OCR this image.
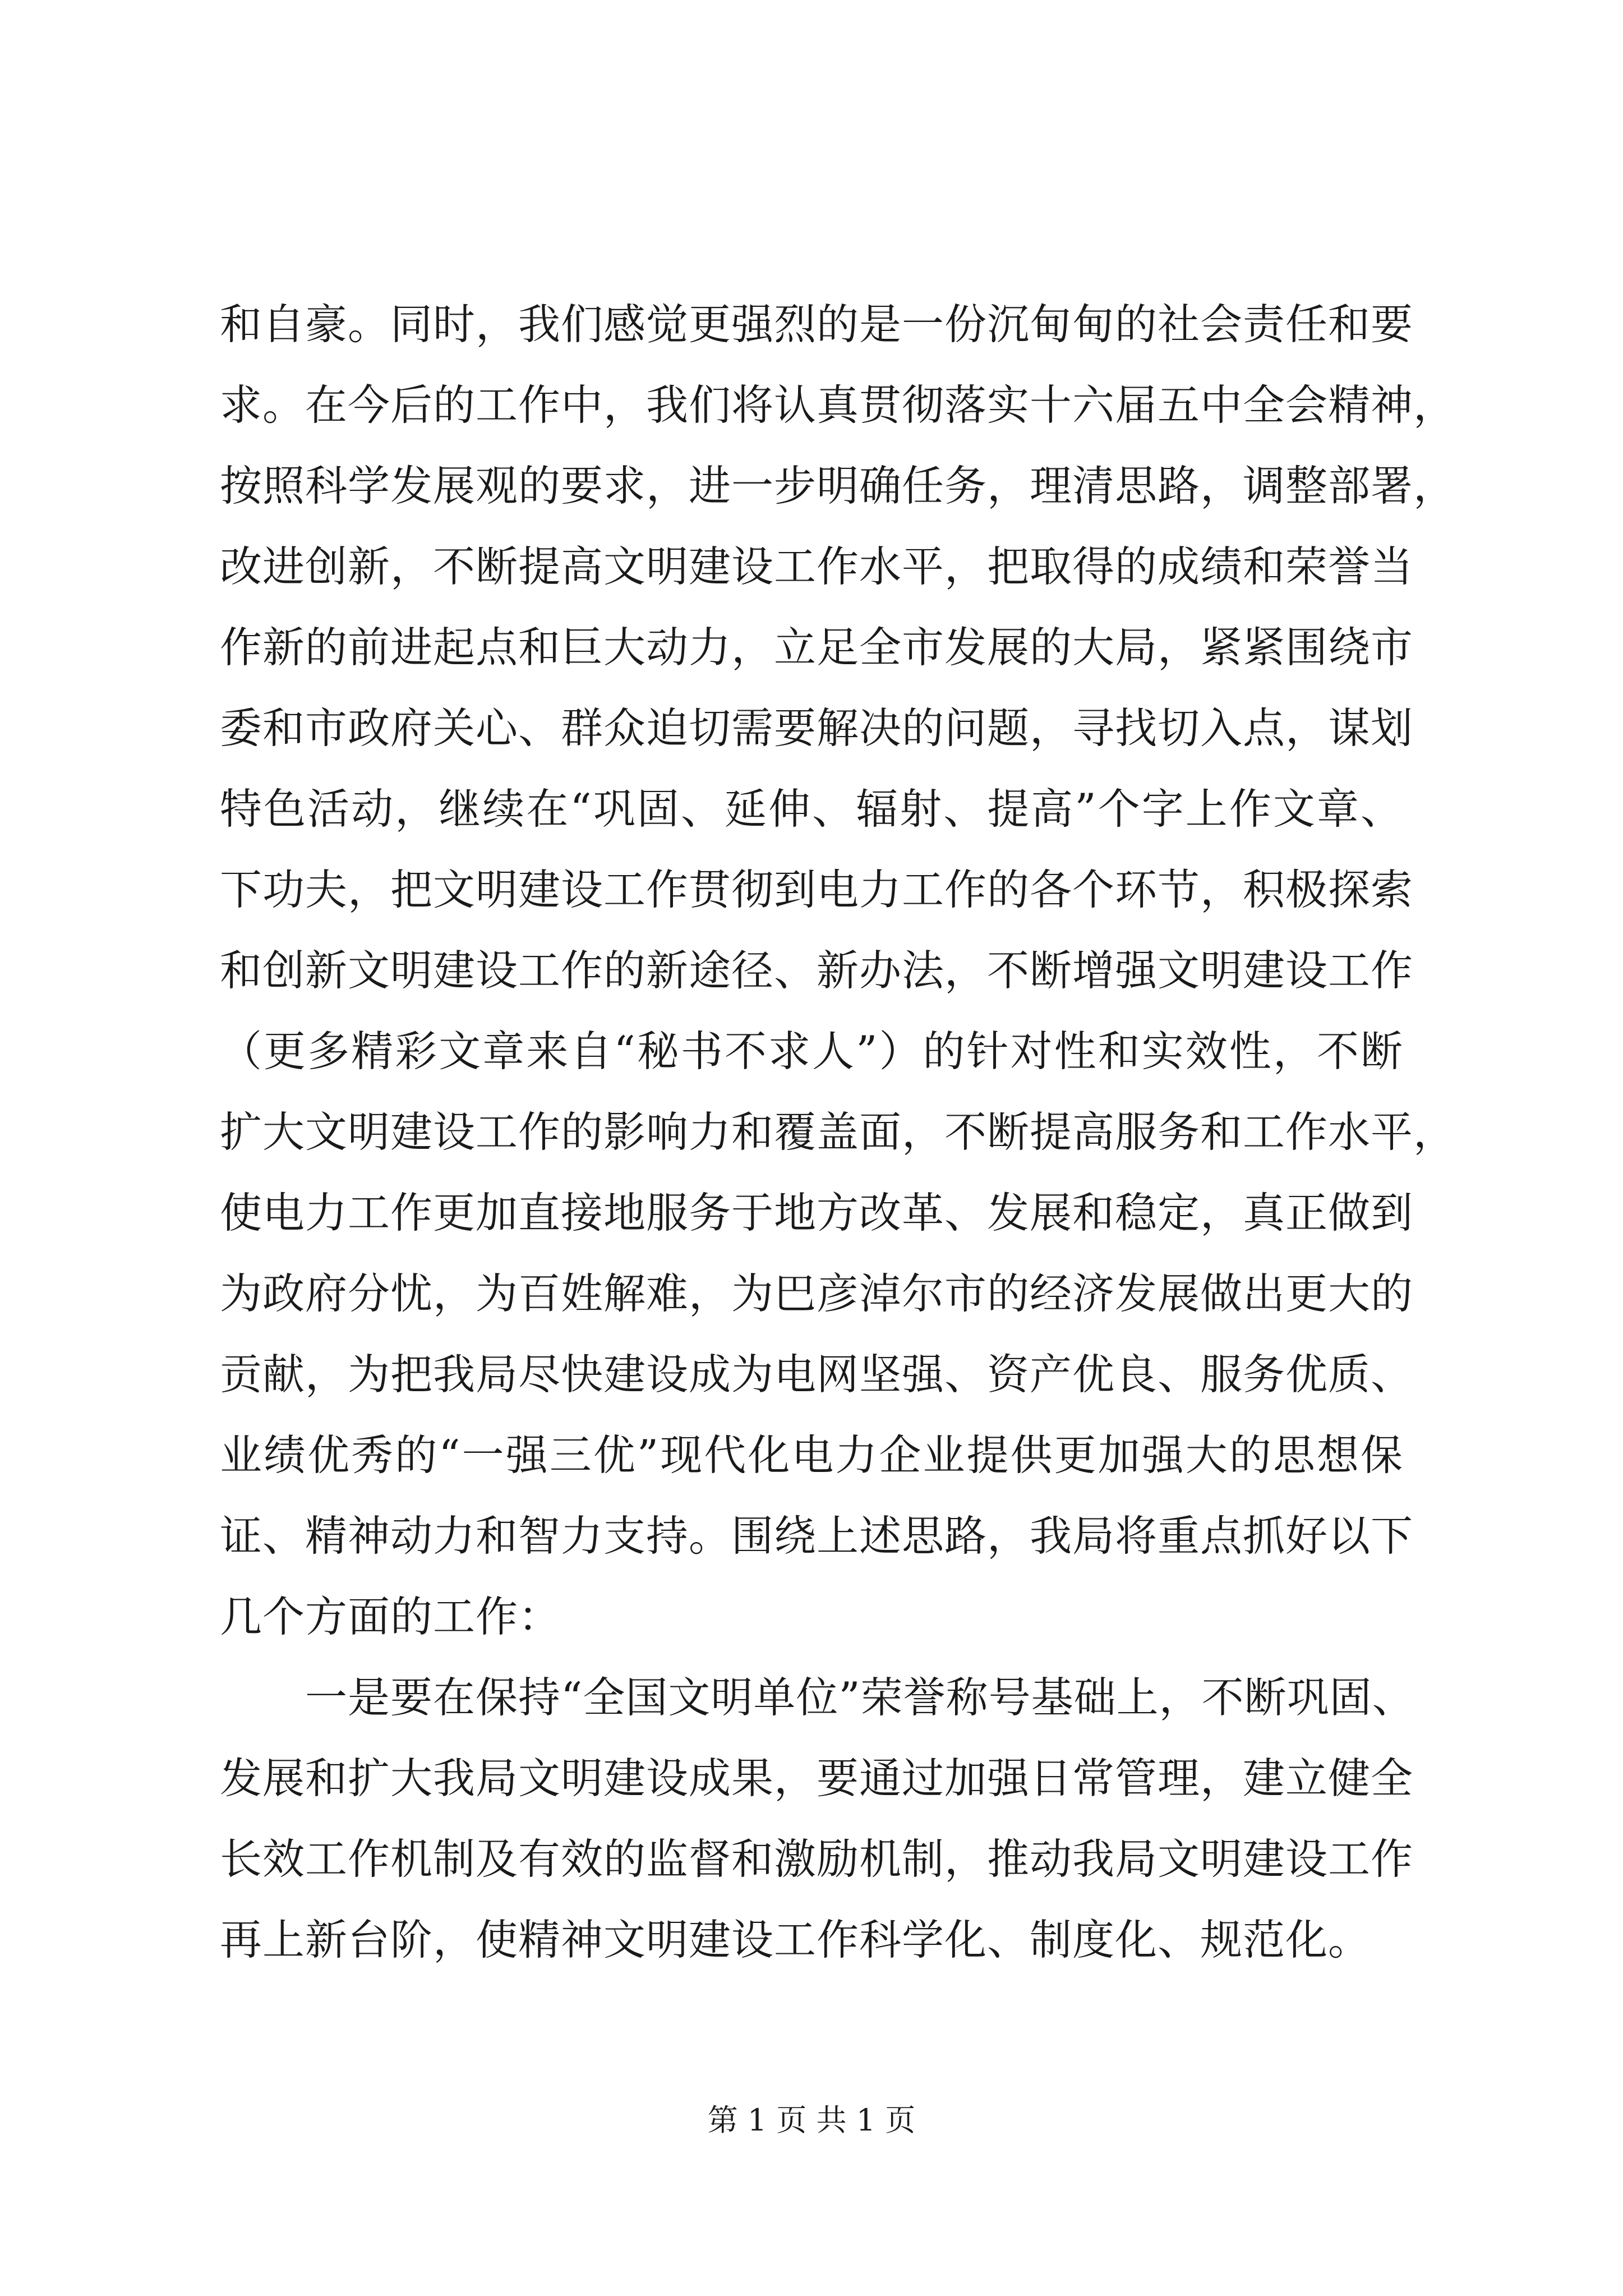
和自豪。同时，我们感觉更强烈的是一份沉甸甸的社会责任和要
求。在今后的工作中，我们将认真贯彻落实十六届五中全会精神，
按照科学发展观的要求，进一步明确任务，理清思路，调整部署，
改进创新，不断提高文明建设工作水平，把取得的成绩和荣誉当
作新的前进起点和巨大动力，立足全市发展的大局，紧紧围绕市
委和市政府关心、群众迫切需要解决的问题，寻找切入点，谋划
特色活动，继续在“巩固、延伸、辐射、提高”个字上作文章、
下功夫，把文明建设工作贯彻到电力工作的各个环节，积极探索
和创新文明建设工作的新途径、新办法，不断增强文明建设工作
（更多精彩文章来自“秘书不求人”）的针对性和实效性，不断
扩大文明建设工作的影响力和覆盖面，不断提高服务和工作水平，
使电力工作更加直接地服务于地方改革、发展和稳定，真正做到
为政府分忧，为百姓解难，为巴彦淖尔市的经济发展做出更大的
贡献，为把我局尽快建设成为电网坚强、资产优良、服务优质、
业绩优秀的“一强三优”现代化电力企业提供更加强大的思想保
证、精神动力和智力支持。围绕上述思路，我局将重点抓好以下
几个方面的工作：
一是要在保持“全国文明单位”荣誉称号基础上，不断巩固、
发展和扩大我局文明建设成果，要通过加强日常管理，建立健全
长效工作机制及有效的监督和激励机制，推动我局文明建设工作
再上新台阶，使精神文明建设工作科学化、制度化、规范化。
第 1 页 共 1 页
